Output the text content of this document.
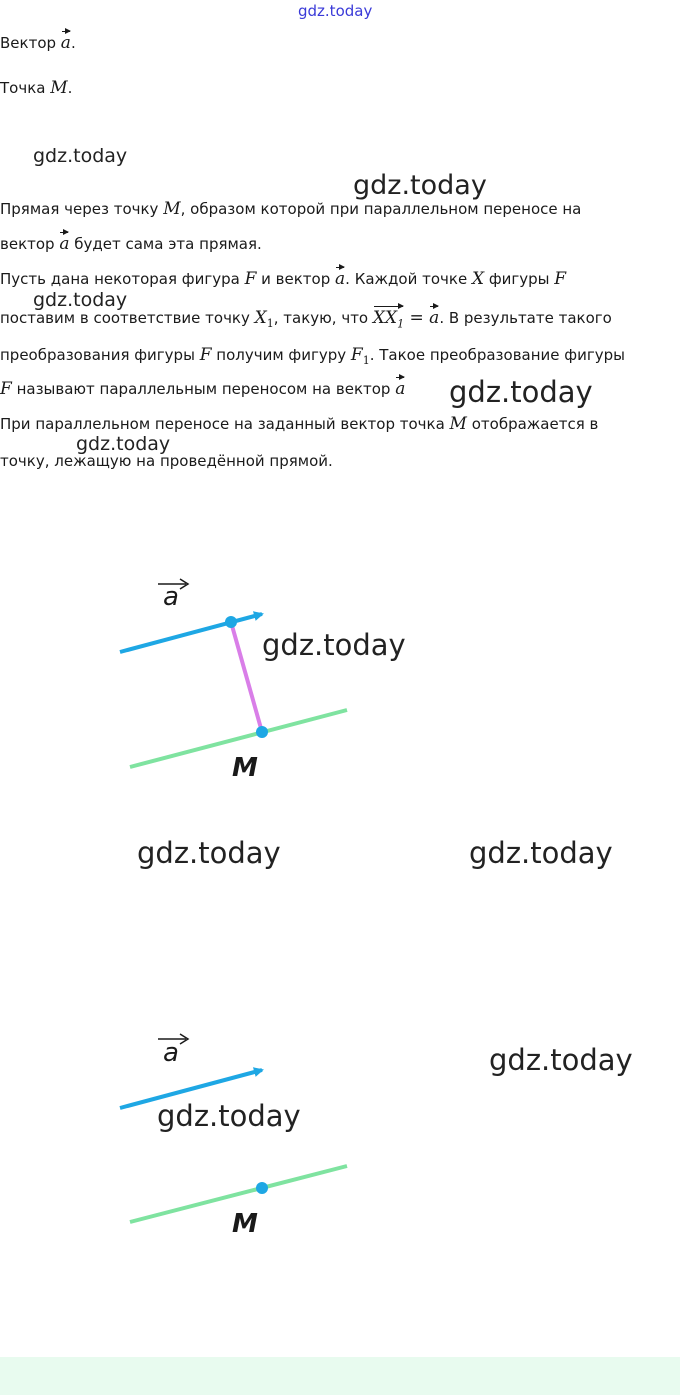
gdz.today
Вектор a.
Точка M.
gdz.today
gdz.today
Прямая через точку M, образом которой при параллельном переносе на
вектор a будет сама эта прямая.
Пусть дана некоторая фигура F и вектор a. Каждой точке X фигуры F
gdz.today
поставим в соответствие точку $X_1$, такую, что $XX_1 = a$. В результате такого
преобразования фигуры F получим фигуру $F_1$. Такое преобразование фигуры
F называют параллельным переносом на вектор a gdz.today
При параллельном переносе на заданный вектор точка M отображается в
gdz.today
точку, лежащую на проведённой прямой.
a
M
gdz.today
gdz.today	gdz.today
a
M
gdz.today
gdz.today
